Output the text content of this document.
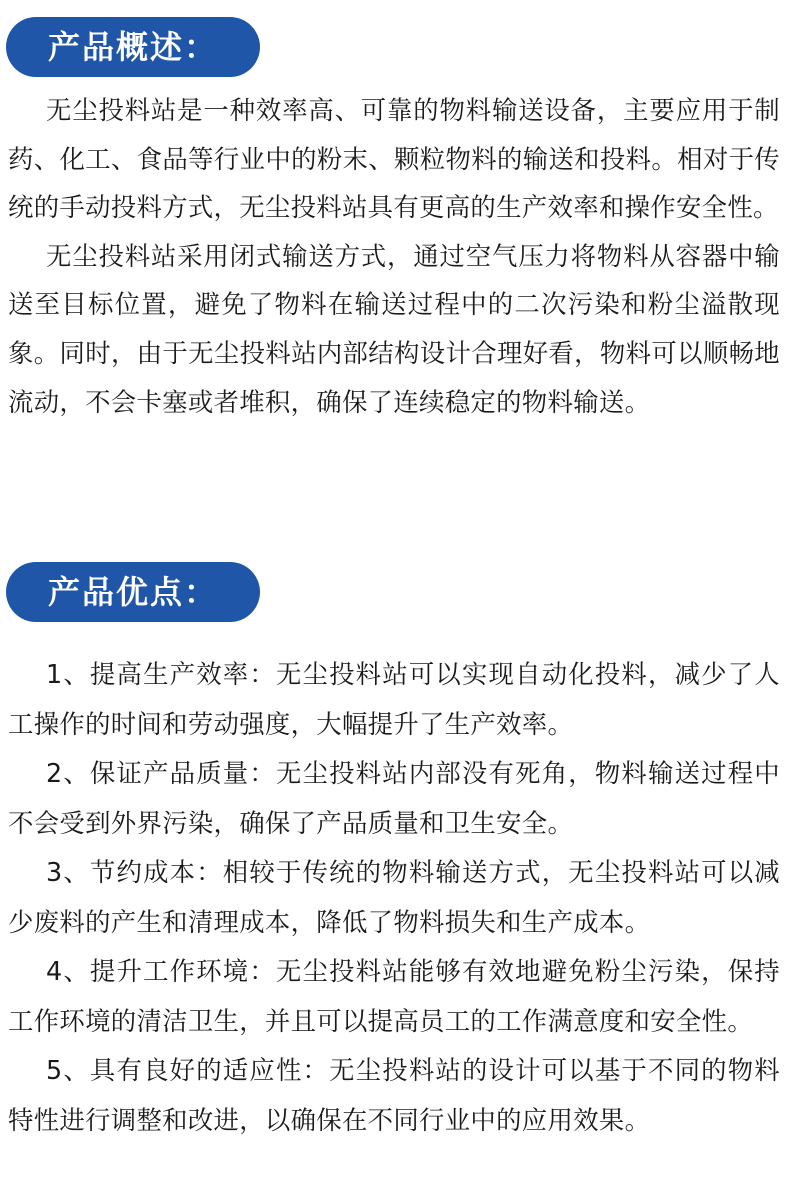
产品概述：

无尘投料站是一种效率高、可靠的物料输送设备，主要应用于制药、化工、食品等行业中的粉末、颗粒物料的输送和投料。相对于传统的手动投料方式，无尘投料站具有更高的生产效率和操作安全性。

无尘投料站采用闭式输送方式，通过空气压力将物料从容器中输送至目标位置，避免了物料在输送过程中的二次污染和粉尘溢散现象。同时，由于无尘投料站内部结构设计合理好看，物料可以顺畅地流动，不会卡塞或者堆积，确保了连续稳定的物料输送。

产品优点：

1、提高生产效率：无尘投料站可以实现自动化投料，减少了人工操作的时间和劳动强度，大幅提升了生产效率。

2、保证产品质量：无尘投料站内部没有死角，物料输送过程中不会受到外界污染，确保了产品质量和卫生安全。

3、节约成本：相较于传统的物料输送方式，无尘投料站可以减少废料的产生和清理成本，降低了物料损失和生产成本。

4、提升工作环境：无尘投料站能够有效地避免粉尘污染，保持工作环境的清洁卫生，并且可以提高员工的工作满意度和安全性。

5、具有良好的适应性：无尘投料站的设计可以基于不同的物料特性进行调整和改进，以确保在不同行业中的应用效果。
